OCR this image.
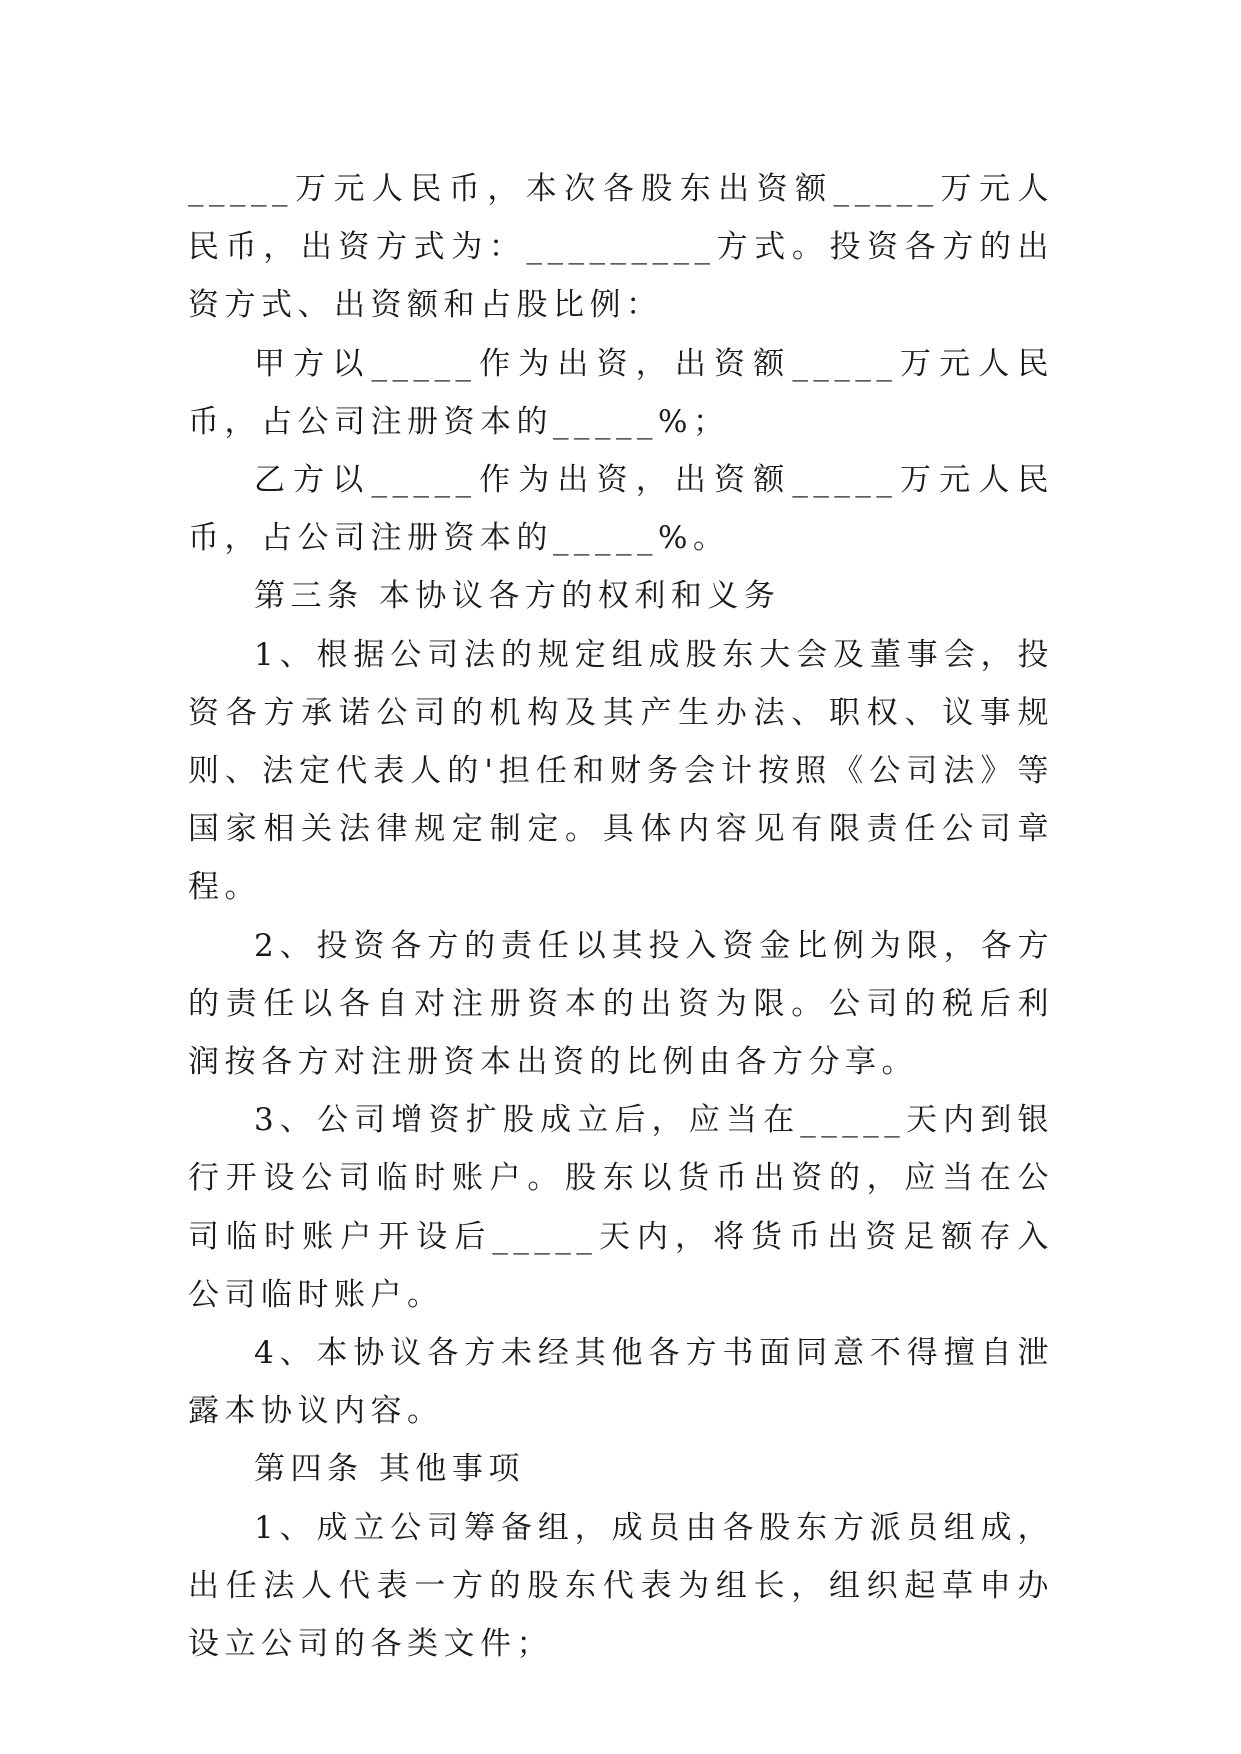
_____万元人民币，本次各股东出资额_____万元人民币，出资方式为：_________方式。投资各方的出资方式、出资额和占股比例：

甲方以_____作为出资，出资额_____万元人民币，占公司注册资本的_____%；

乙方以_____作为出资，出资额_____万元人民币，占公司注册资本的_____%。

第三条 本协议各方的权利和义务

1、根据公司法的规定组成股东大会及董事会，投资各方承诺公司的机构及其产生办法、职权、议事规则、法定代表人的'担任和财务会计按照《公司法》等国家相关法律规定制定。具体内容见有限责任公司章程。

2、投资各方的责任以其投入资金比例为限，各方的责任以各自对注册资本的出资为限。公司的税后利润按各方对注册资本出资的比例由各方分享。

3、公司增资扩股成立后，应当在_____天内到银行开设公司临时账户。股东以货币出资的，应当在公司临时账户开设后_____天内，将货币出资足额存入公司临时账户。

4、本协议各方未经其他各方书面同意不得擅自泄露本协议内容。

第四条 其他事项

1、成立公司筹备组，成员由各股东方派员组成，出任法人代表一方的股东代表为组长，组织起草申办设立公司的各类文件；
